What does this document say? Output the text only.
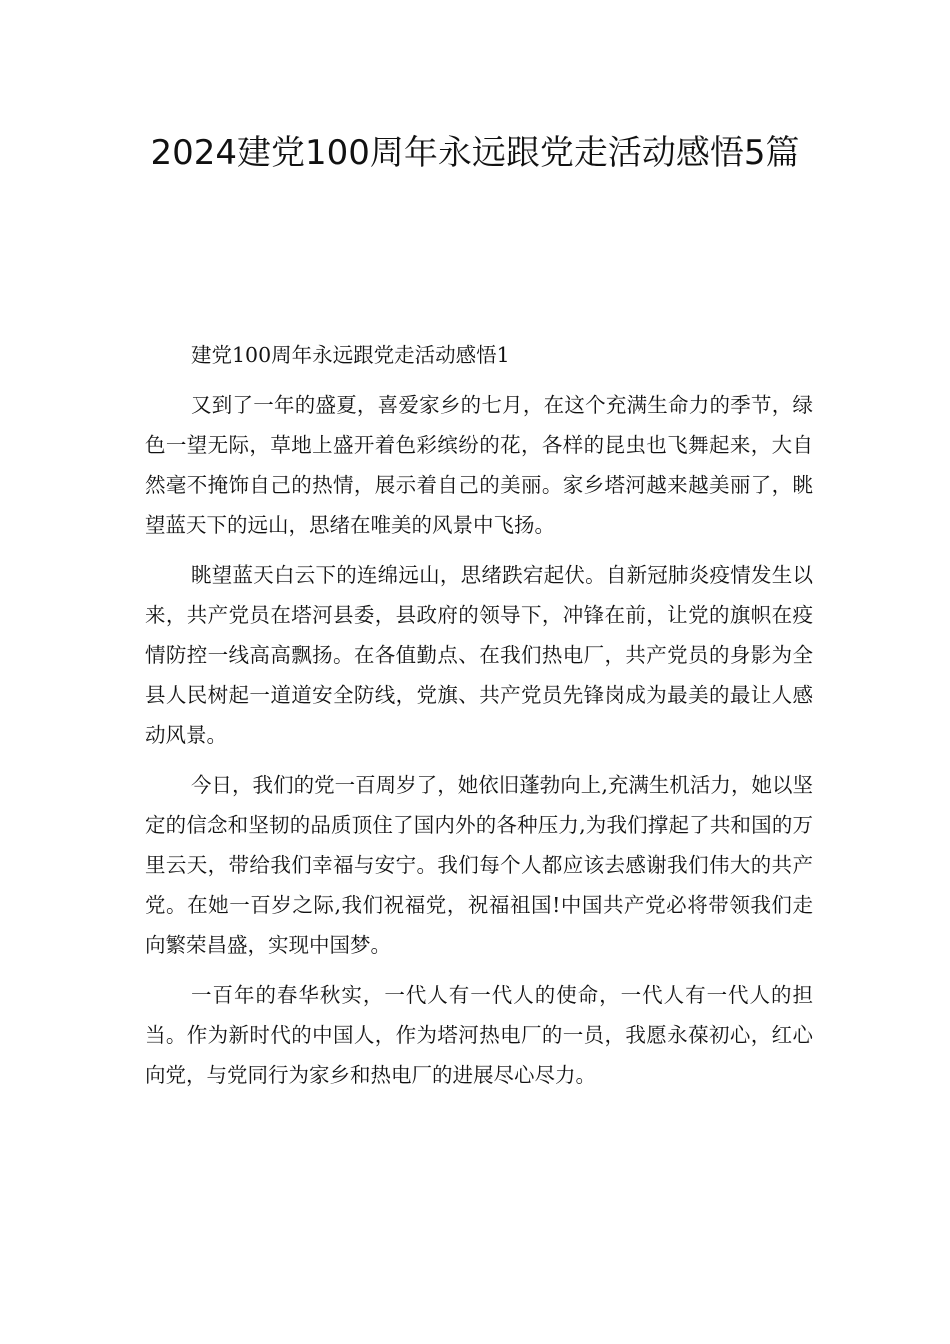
2024建党100周年永远跟党走活动感悟5篇

建党100周年永远跟党走活动感悟1

又到了一年的盛夏，喜爱家乡的七月，在这个充满生命力的季节，绿色一望无际，草地上盛开着色彩缤纷的花，各样的昆虫也飞舞起来，大自然毫不掩饰自己的热情，展示着自己的美丽。家乡塔河越来越美丽了，眺望蓝天下的远山，思绪在唯美的风景中飞扬。

眺望蓝天白云下的连绵远山，思绪跌宕起伏。自新冠肺炎疫情发生以来，共产党员在塔河县委，县政府的领导下，冲锋在前，让党的旗帜在疫情防控一线高高飘扬。在各值勤点、在我们热电厂，共产党员的身影为全县人民树起一道道安全防线，党旗、共产党员先锋岗成为最美的最让人感动风景。

今日，我们的党一百周岁了，她依旧蓬勃向上,充满生机活力，她以坚定的信念和坚韧的品质顶住了国内外的各种压力,为我们撑起了共和国的万里云天，带给我们幸福与安宁。我们每个人都应该去感谢我们伟大的共产党。在她一百岁之际,我们祝福党，祝福祖国!中国共产党必将带领我们走向繁荣昌盛，实现中国梦。

一百年的春华秋实，一代人有一代人的使命，一代人有一代人的担当。作为新时代的中国人，作为塔河热电厂的一员，我愿永葆初心，红心向党，与党同行为家乡和热电厂的进展尽心尽力。
